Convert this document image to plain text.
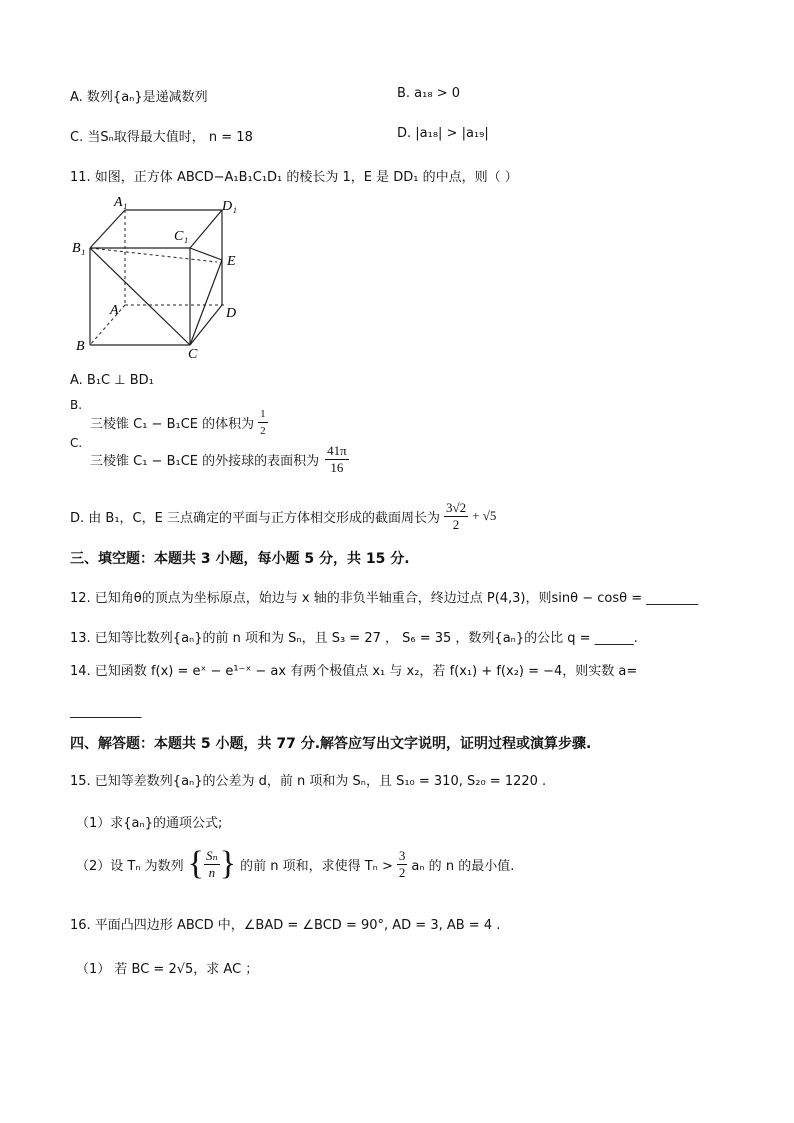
A. 数列{aₙ}是递减数列	B. a₁₈ > 0
C. 当Sₙ取得最大值时， n = 18	D. |a₁₈| > |a₁₉|
11. 如图，正方体 ABCD−A₁B₁C₁D₁ 的棱长为 1，E 是 DD₁ 的中点，则（ ）
A₁	D₁
C₁
B₁
E
A	D
B
C
A. B₁C ⊥ BD₁
B.
三棱锥 C₁ − B₁CE 的体积为 $\frac{1}{2}$
C.
三棱锥 C₁ − B₁CE 的外接球的表面积为 $\frac{41\pi}{16}$
D. 由 B₁，C，E 三点确定的平面与正方体相交形成的截面周长为 $\frac{3√2}{2} + √5$
三、填空题：本题共 3 小题，每小题 5 分，共 15 分.
12. 已知角θ的顶点为坐标原点，始边与 x 轴的非负半轴重合，终边过点 P(4,3)，则sinθ − cosθ = ________
13. 已知等比数列{aₙ}的前 n 项和为 Sₙ，且 S₃ = 27 ， S₆ = 35 ，数列{aₙ}的公比 q = ______.
14. 已知函数 f(x) = eˣ − e¹⁻ˣ − ax 有两个极值点 x₁ 与 x₂，若 f(x₁) + f(x₂) = −4，则实数 a=
___________
四、解答题：本题共 5 小题，共 77 分.解答应写出文字说明，证明过程或演算步骤.
15. 已知等差数列{aₙ}的公差为 d，前 n 项和为 Sₙ，且 S₁₀ = 310, S₂₀ = 1220 .
（1）求{aₙ}的通项公式;
（2）设 Tₙ 为数列 { $\frac{\text{Sₙ}}{n}$ } 的前 n 项和，求使得 $T_n > \frac{3}{2}$ aₙ 的 n 的最小值.
16. 平面凸四边形 ABCD 中，∠BAD = ∠BCD = 90°, AD = 3, AB = 4 .
（1） 若 BC = 2√5，求 AC ；
